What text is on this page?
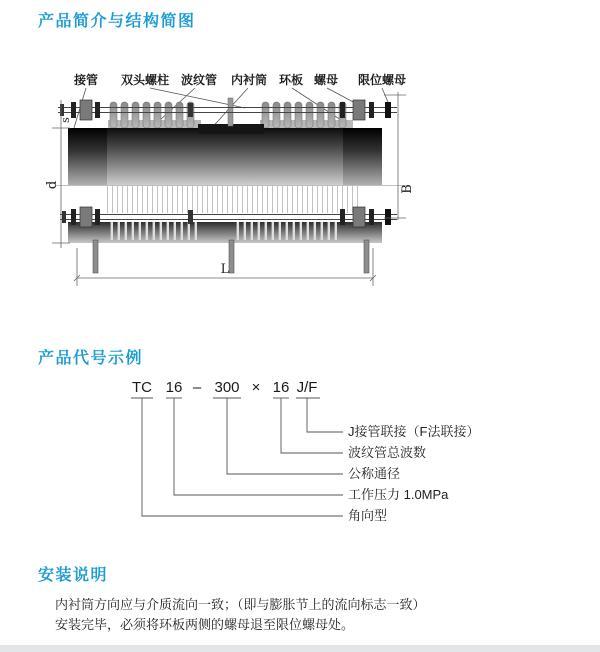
产品简介与结构简图
接管 双头螺柱 波纹管 内衬筒 环板 螺母 限位螺母
s
d	B
L
产品代号示例
TC 16 – 300 × 16 J/F
J接管联接（F法联接）
波纹管总波数
公称通径
工作压力 1.0MPa
角向型
安装说明
内衬筒方向应与介质流向一致；（即与膨胀节上的流向标志一致）
安装完毕，必须将环板两侧的螺母退至限位螺母处。
